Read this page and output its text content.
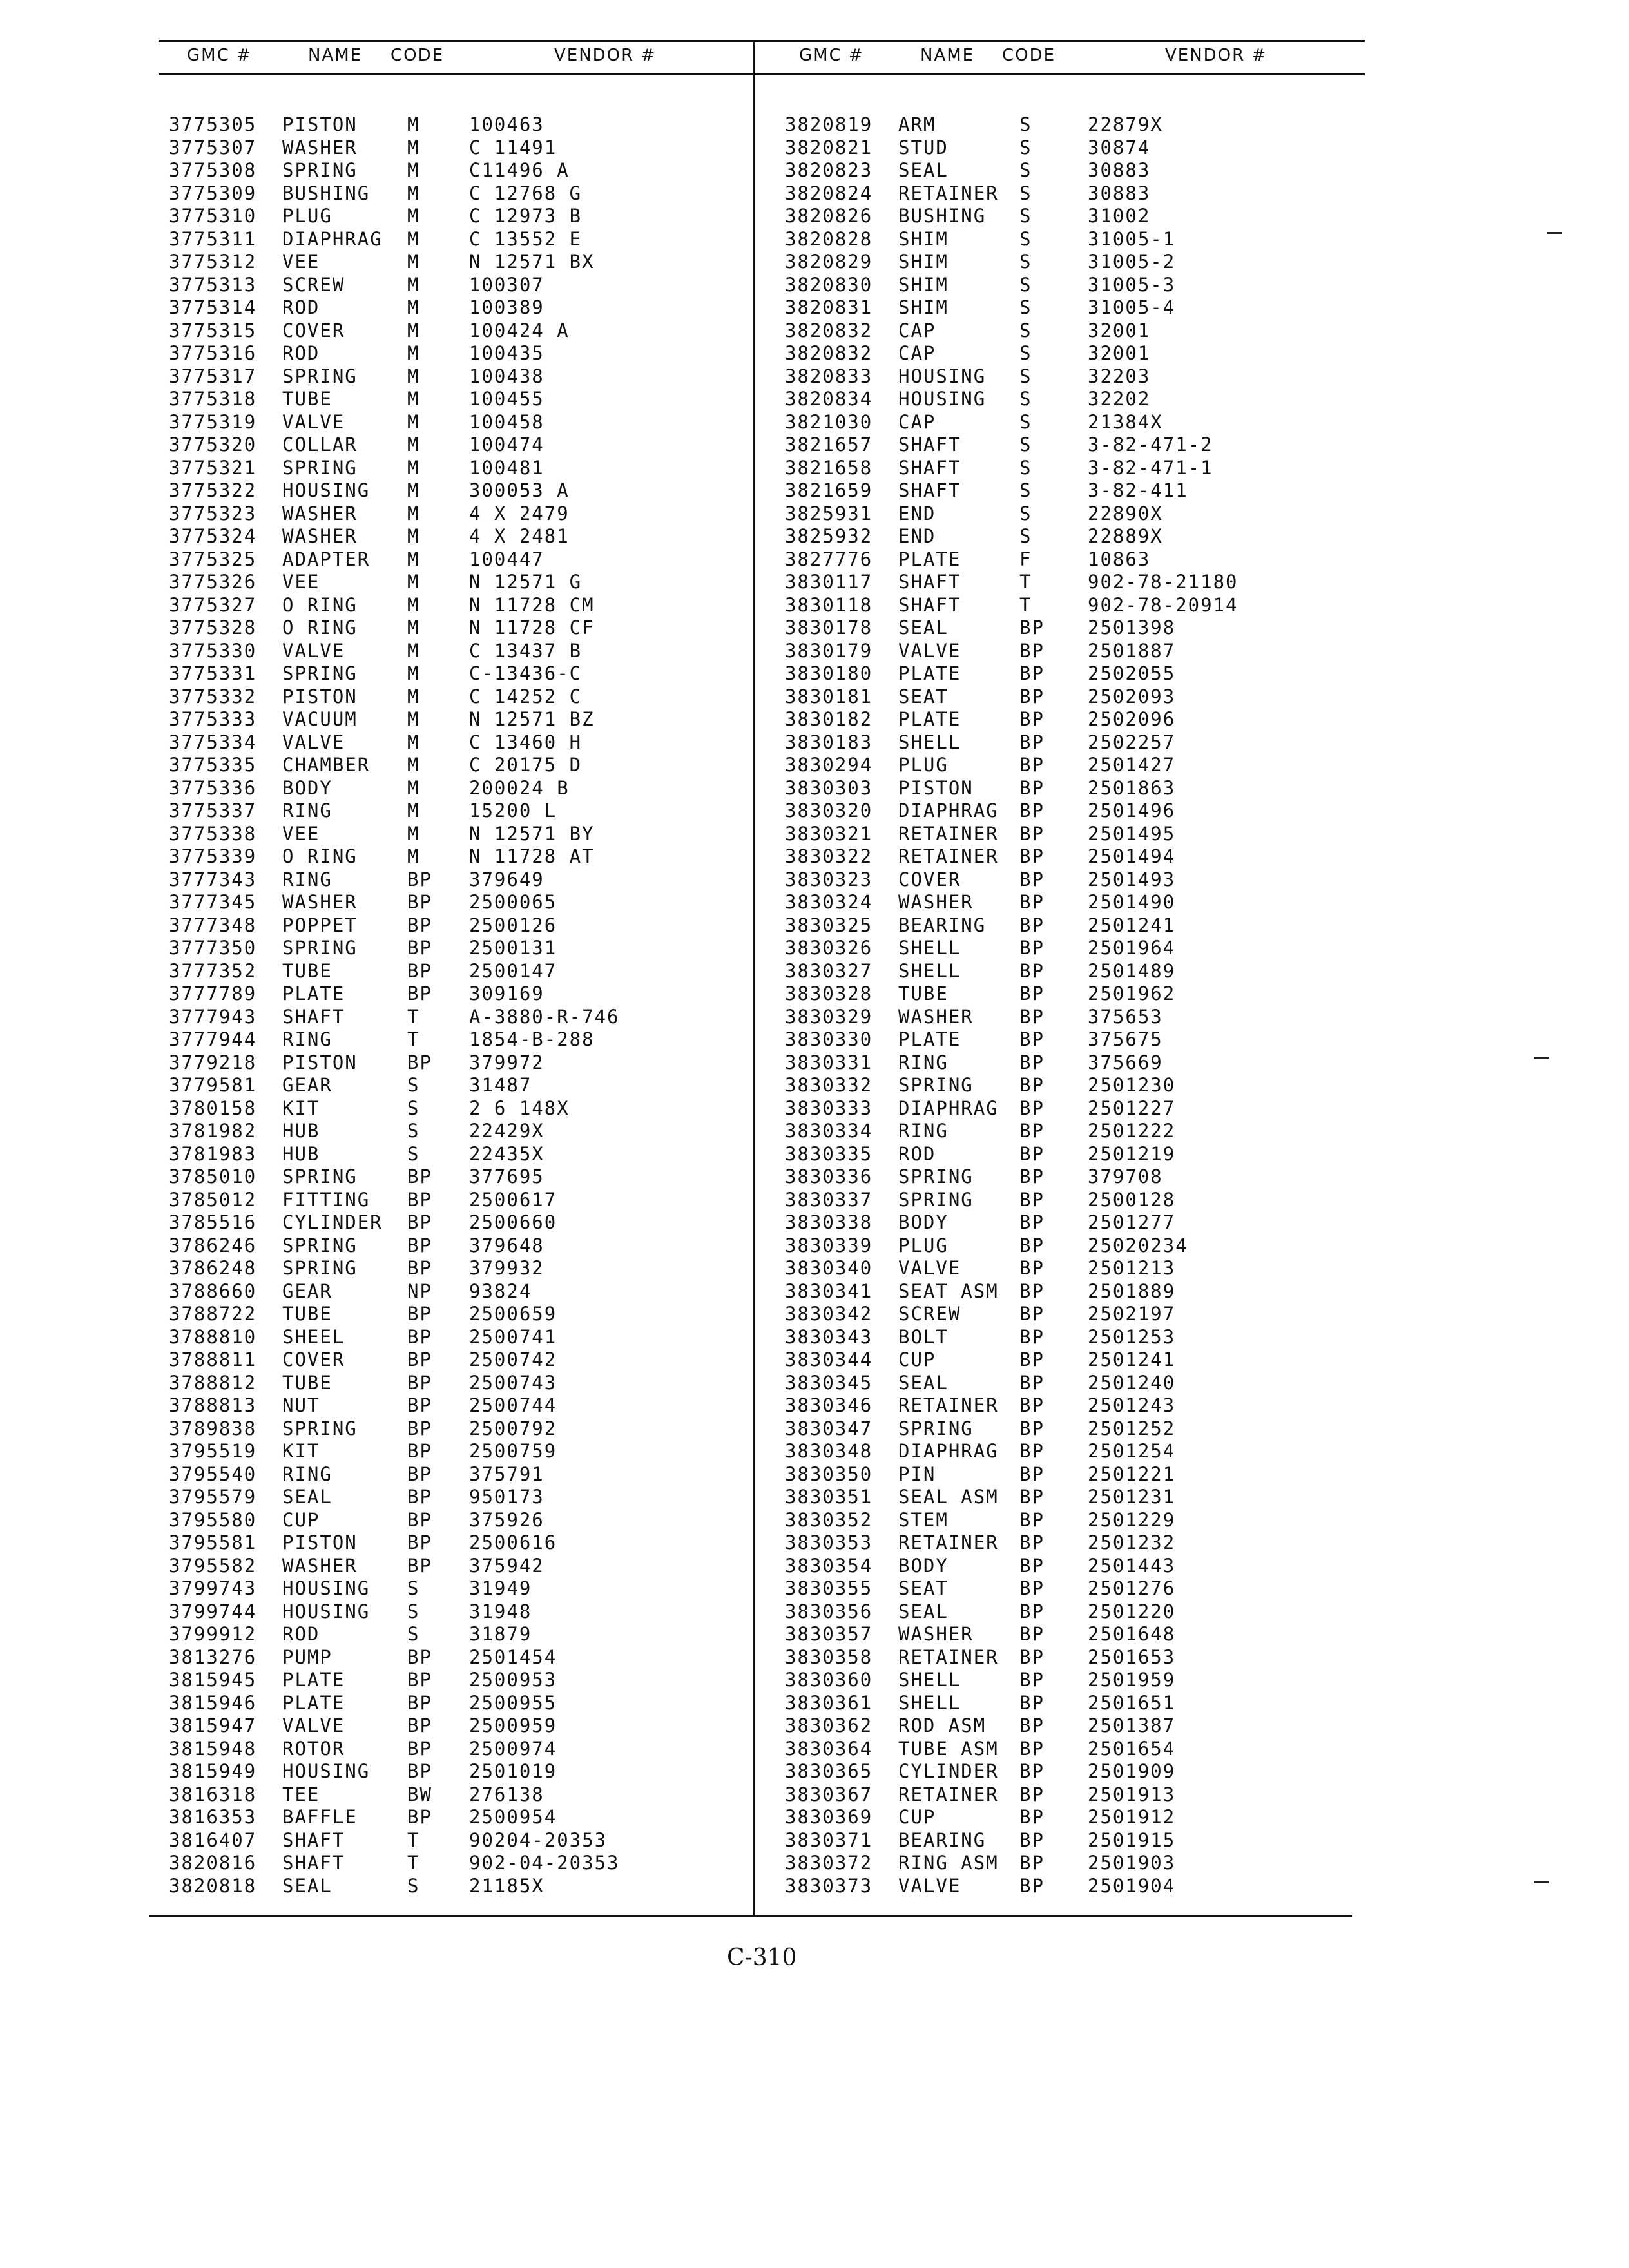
GMC #	NAME CODE	VENDOR #	GMC #	NAME CODE	VENDOR #
3775305 PISTON	M	100463
3775307 WASHER	M	C 11491
3775308 SPRING	M	C11496 A
3775309 BUSHING M	C 12768 G
3775310 PLUG	M	C 12973 B
3775311 DIAPHRAG M	C 13552 E
3775312 VEE	M	N 12571 BX
3775313 SCREW	M	100307
3775314 ROD	M	100389
3775315 COVER	M	100424 A
3775316 ROD	M	100435
3775317 SPRING	M	100438
3775318 TUBE	M	100455
3775319 VALVE	M	100458
3775320 COLLAR	M	100474
3775321 SPRING	M	100481
3775322 HOUSING M	300053 A
3775323 WASHER	M	4 X 2479
3775324 WASHER	M	4 X 2481
3775325 ADAPTER M	100447
3775326 VEE	M	N 12571 G
3775327 O RING	M	N 11728 CM
3775328 O RING	M	N 11728 CF
3775330 VALVE	M	C 13437 B
3775331 SPRING	M	C-13436-C
3775332 PISTON	M	C 14252 C
3775333 VACUUM	M	N 12571 BZ
3775334 VALVE	M	C 13460 H
3775335 CHAMBER M	C 20175 D
3775336 BODY	M	200024 B
3775337 RING	M	15200 L
3775338 VEE	M	N 12571 BY
3775339 O RING	M	N 11728 AT
3777343 RING	BP 379649
3777345 WASHER	BP 2500065
3777348 POPPET	BP 2500126
3777350 SPRING	BP 2500131
3777352 TUBE	BP 2500147
3777789 PLATE	BP 309169
3777943 SHAFT	T	A-3880-R-746
3777944 RING	T	1854-B-288
3779218 PISTON	BP 379972
3779581 GEAR	S	31487
3780158 KIT	S	2 6 148X
3781982 HUB	S	22429X
3781983 HUB	S	22435X
3785010 SPRING	BP 377695
3785012 FITTING BP 2500617
3785516 CYLINDER BP 2500660
3786246 SPRING	BP 379648
3786248 SPRING	BP 379932
3788660 GEAR	NP 93824
3788722 TUBE	BP 2500659
3788810 SHEEL	BP 2500741
3788811 COVER	BP 2500742
3788812 TUBE	BP 2500743
3788813 NUT	BP 2500744
3789838 SPRING	BP 2500792
3795519 KIT	BP 2500759
3795540 RING	BP 375791
3795579 SEAL	BP 950173
3795580 CUP	BP 375926
3795581 PISTON	BP 2500616
3795582 WASHER	BP 375942
3799743 HOUSING S	31949
3799744 HOUSING S	31948
3799912 ROD	S	31879
3813276 PUMP	BP 2501454
3815945 PLATE	BP 2500953
3815946 PLATE	BP 2500955
3815947 VALVE	BP 2500959
3815948 ROTOR	BP 2500974
3815949 HOUSING BP 2501019
3816318 TEE	BW 276138
3816353 BAFFLE	BP 2500954
3816407 SHAFT	T	90204-20353
3820816 SHAFT	T	902-04-20353
3820818 SEAL	S	21185X
3820819 ARM	S	22879X
3820821 STUD	S	30874
3820823 SEAL	S	30883
3820824 RETAINER S	30883
3820826 BUSHING S	31002
3820828 SHIM	S	31005-1
3820829 SHIM	S	31005-2
3820830 SHIM	S	31005-3
3820831 SHIM	S	31005-4
3820832 CAP	S	32001
3820832 CAP	S	32001
3820833 HOUSING S	32203
3820834 HOUSING S	32202
3821030 CAP	S	21384X
3821657 SHAFT	S	3-82-471-2
3821658 SHAFT	S	3-82-471-1
3821659 SHAFT	S	3-82-411
3825931 END	S	22890X
3825932 END	S	22889X
3827776 PLATE	F	10863
3830117 SHAFT	T	902-78-21180
3830118 SHAFT	T	902-78-20914
3830178 SEAL	BP 2501398
3830179 VALVE	BP 2501887
3830180 PLATE	BP 2502055
3830181 SEAT	BP 2502093
3830182 PLATE	BP 2502096
3830183 SHELL	BP 2502257
3830294 PLUG	BP 2501427
3830303 PISTON BP 2501863
3830320 DIAPHRAG BP 2501496
3830321 RETAINER BP 2501495
3830322 RETAINER BP 2501494
3830323 COVER	BP 2501493
3830324 WASHER BP 2501490
3830325 BEARING BP 2501241
3830326 SHELL	BP 2501964
3830327 SHELL	BP 2501489
3830328 TUBE	BP 2501962
3830329 WASHER BP 375653
3830330 PLATE	BP 375675
3830331 RING	BP 375669
3830332 SPRING BP 2501230
3830333 DIAPHRAG BP 2501227
3830334 RING	BP 2501222
3830335 ROD	BP 2501219
3830336 SPRING BP 379708
3830337 SPRING BP 2500128
3830338 BODY	BP 2501277
3830339 PLUG	BP 25020234
3830340 VALVE	BP 2501213
3830341 SEAT ASM BP 2501889
3830342 SCREW	BP 2502197
3830343 BOLT	BP 2501253
3830344 CUP	BP 2501241
3830345 SEAL	BP 2501240
3830346 RETAINER BP 2501243
3830347 SPRING BP 2501252
3830348 DIAPHRAG BP 2501254
3830350 PIN	BP 2501221
3830351 SEAL ASM BP 2501231
3830352 STEM	BP 2501229
3830353 RETAINER BP 2501232
3830354 BODY	BP 2501443
3830355 SEAT	BP 2501276
3830356 SEAL	BP 2501220
3830357 WASHER BP 2501648
3830358 RETAINER BP 2501653
3830360 SHELL	BP 2501959
3830361 SHELL	BP 2501651
3830362 ROD ASM BP 2501387
3830364 TUBE ASM BP 2501654
3830365 CYLINDER BP 2501909
3830367 RETAINER BP 2501913
3830369 CUP	BP 2501912
3830371 BEARING BP 2501915
3830372 RING ASM BP 2501903
3830373 VALVE	BP 2501904
C-310
